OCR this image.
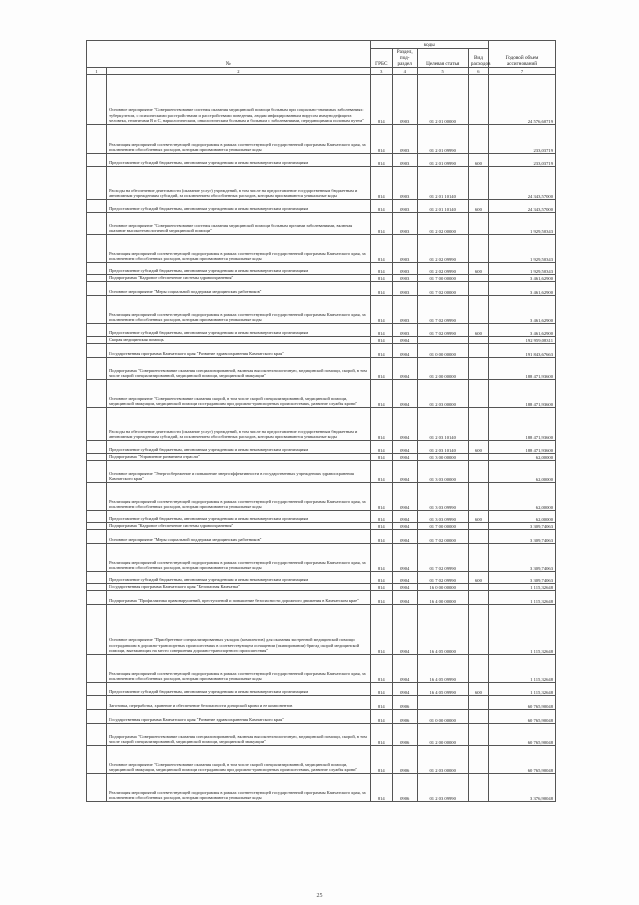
№		коды				Годовой объем ассигнований
		ГРБС	Раздел, под-раздел	Целевая статья	Вид расходов	
1	2	3	4	5	6	7
	Основное мероприятие "Совершенствование системы оказания медицинской помощи больным при социально-значимых заболеваниях: туберкулезом, с психическими расстройствами и расстройствами поведения, людям инфицированным вирусом иммунодефицита человека, гепатитами B и C, наркологическим, онкологическим больным и больным с заболеваниями, передающимися половым путем"	814	0903	01 2 01 00000		24 576,60719
	Реализация мероприятий соответствующей подпрограммы в рамках соответствующей государственной программы Камчатского края, за исключением обособленных расходов, которым присваиваются уникальные коды	814	0903	01 2 01 09990		233,03719
	Предоставление субсидий бюджетным, автономным учреждениям и иным некоммерческим организациям	814	0903	01 2 01 09990	600	233,03719
	Расходы на обеспечение деятельности (оказание услуг) учреждений, в том числе на предоставление государственным бюджетным и автономным учреждениям субсидий, за исключением обособленных расходов, которым присваиваются уникальные коды	814	0903	01 2 01 10140		24 343,57000
	Предоставление субсидий бюджетным, автономным учреждениям и иным некоммерческим организациям	814	0903	01 2 01 10140	600	24 343,57000
	Основное мероприятие "Совершенствование системы оказания медицинской помощи больным прочими заболеваниями, включая оказание высокотехнологичной медицинской помощи"	814	0903	01 2 02 00000		1 929,50343
	Реализация мероприятий соответствующей подпрограммы в рамках соответствующей государственной программы Камчатского края, за исключением обособленных расходов, которым присваиваются уникальные коды	814	0903	01 2 02 09990		1 929,50343
	Предоставление субсидий бюджетным, автономным учреждениям и иным некоммерческим организациям	814	0903	01 2 02 09990	600	1 929,50343
	Подпрограмма "Кадровое обеспечение системы здравоохранения"	814	0903	01 7 00 00000		3 461,62900
	Основное мероприятие "Меры социальной поддержки медицинских работников"	814	0903	01 7 02 00000		3 461,62900
	Реализация мероприятий соответствующей подпрограммы в рамках соответствующей государственной программы Камчатского края, за исключением обособленных расходов, которым присваиваются уникальные коды	814	0903	01 7 02 09990		3 461,62900
	Предоставление субсидий бюджетным, автономным учреждениям и иным некоммерческим организациям	814	0903	01 7 02 09990	600	3 461,62900
	Скорая медицинская помощь	814	0904			192 959,08311
	Государственная программа Камчатского края "Развитие здравоохранения Камчатского края"	814	0904	01 0 00 00000		191 843,67663
	Подпрограмма "Совершенствование оказания специализированной, включая высокотехнологичную, медицинской помощи, скорой, в том числе скорой специализированной, медицинской помощи, медицинской эвакуации"	814	0904	01 2 00 00000		188 471,93600
	Основное мероприятие "Совершенствование оказания скорой, в том числе скорой специализированной, медицинской помощи, медицинской эвакуации, медицинской помощи пострадавшим при дорожно-транспортных происшествиях, развитие службы крови"	814	0904	01 2 03 00000		188 471,93600
	Расходы на обеспечение деятельности (оказание услуг) учреждений, в том числе на предоставление государственным бюджетным и автономным учреждениям субсидий, за исключением обособленных расходов, которым присваиваются уникальные коды	814	0904	01 2 03 10140		188 471,93600
	Предоставление субсидий бюджетным, автономным учреждениям и иным некоммерческим организациям	814	0904	01 2 03 10140	600	188 471,93600
	Подпрограмма "Управление развитием отрасли"	814	0904	01 3 00 00000		62,00000
	Основное мероприятие "Энергосбережение и повышение энергоэффективности в государственных учреждениях здравоохранения Камчатского края"	814	0904	01 3 03 00000		62,00000
	Реализация мероприятий соответствующей подпрограммы в рамках соответствующей государственной программы Камчатского края, за исключением обособленных расходов, которым присваиваются уникальные коды	814	0904	01 3 03 09990		62,00000
	Предоставление субсидий бюджетным, автономным учреждениям и иным некоммерческим организациям	814	0904	01 3 03 09990	600	62,00000
	Подпрограмма "Кадровое обеспечение системы здравоохранения"	814	0904	01 7 00 00000		3 309,74063
	Основное мероприятие "Меры социальной поддержки медицинских работников"	814	0904	01 7 02 00000		3 309,74063
	Реализация мероприятий соответствующей подпрограммы в рамках соответствующей государственной программы Камчатского края, за исключением обособленных расходов, которым присваиваются уникальные коды	814	0904	01 7 02 09990		3 309,74063
	Предоставление субсидий бюджетным, автономным учреждениям и иным некоммерческим организациям	814	0904	01 7 02 09990	600	3 309,74063
	Государственная программа Камчатского края "Безопасная Камчатка"	814	0904	16 0 00 00000		1 115,32648
	Подпрограмма "Профилактика правонарушений, преступлений и повышение безопасности дорожного движения в Камчатском крае"	814	0904	16 4 00 00000		1 115,32648
	Основное мероприятие "Приобретение специализированных укладок (комплектов) для оказания экстренной медицинской помощи пострадавшим в дорожно-транспортных происшествиях в соответствующем оснащении (экипировании) бригад скорой медицинской помощи, выезжающих на место совершения дорожно-транспортного происшествия"	814	0904	16 4 05 00000		1 115,32648
	Реализация мероприятий соответствующей подпрограммы в рамках соответствующей государственной программы Камчатского края, за исключением обособленных расходов, которым присваиваются уникальные коды	814	0904	16 4 05 09990		1 115,32648
	Предоставление субсидий бюджетным, автономным учреждениям и иным некоммерческим организациям	814	0904	16 4 05 09990	600	1 115,32648
	Заготовка, переработка, хранение и обеспечение безопасности донорской крови и ее компонентов	814	0906			60 765,90048
	Государственная программа Камчатского края "Развитие здравоохранения Камчатского края"	814	0906	01 0 00 00000		60 765,90048
	Подпрограмма "Совершенствование оказания специализированной, включая высокотехнологичную, медицинской помощи, скорой, в том числе скорой специализированной, медицинской помощи, медицинской эвакуации"	814	0906	01 2 00 00000		60 765,90048
	Основное мероприятие "Совершенствование оказания скорой, в том числе скорой специализированной, медицинской помощи, медицинской эвакуации, медицинской помощи пострадавшим при дорожно-транспортных происшествиях, развитие службы крови"	814	0906	01 2 03 00000		60 765,90048
	Реализация мероприятий соответствующей подпрограммы в рамках соответствующей государственной программы Камчатского края, за исключением обособленных расходов, которым присваиваются уникальные коды	814	0906	01 2 03 09990		3 376,90048
25
